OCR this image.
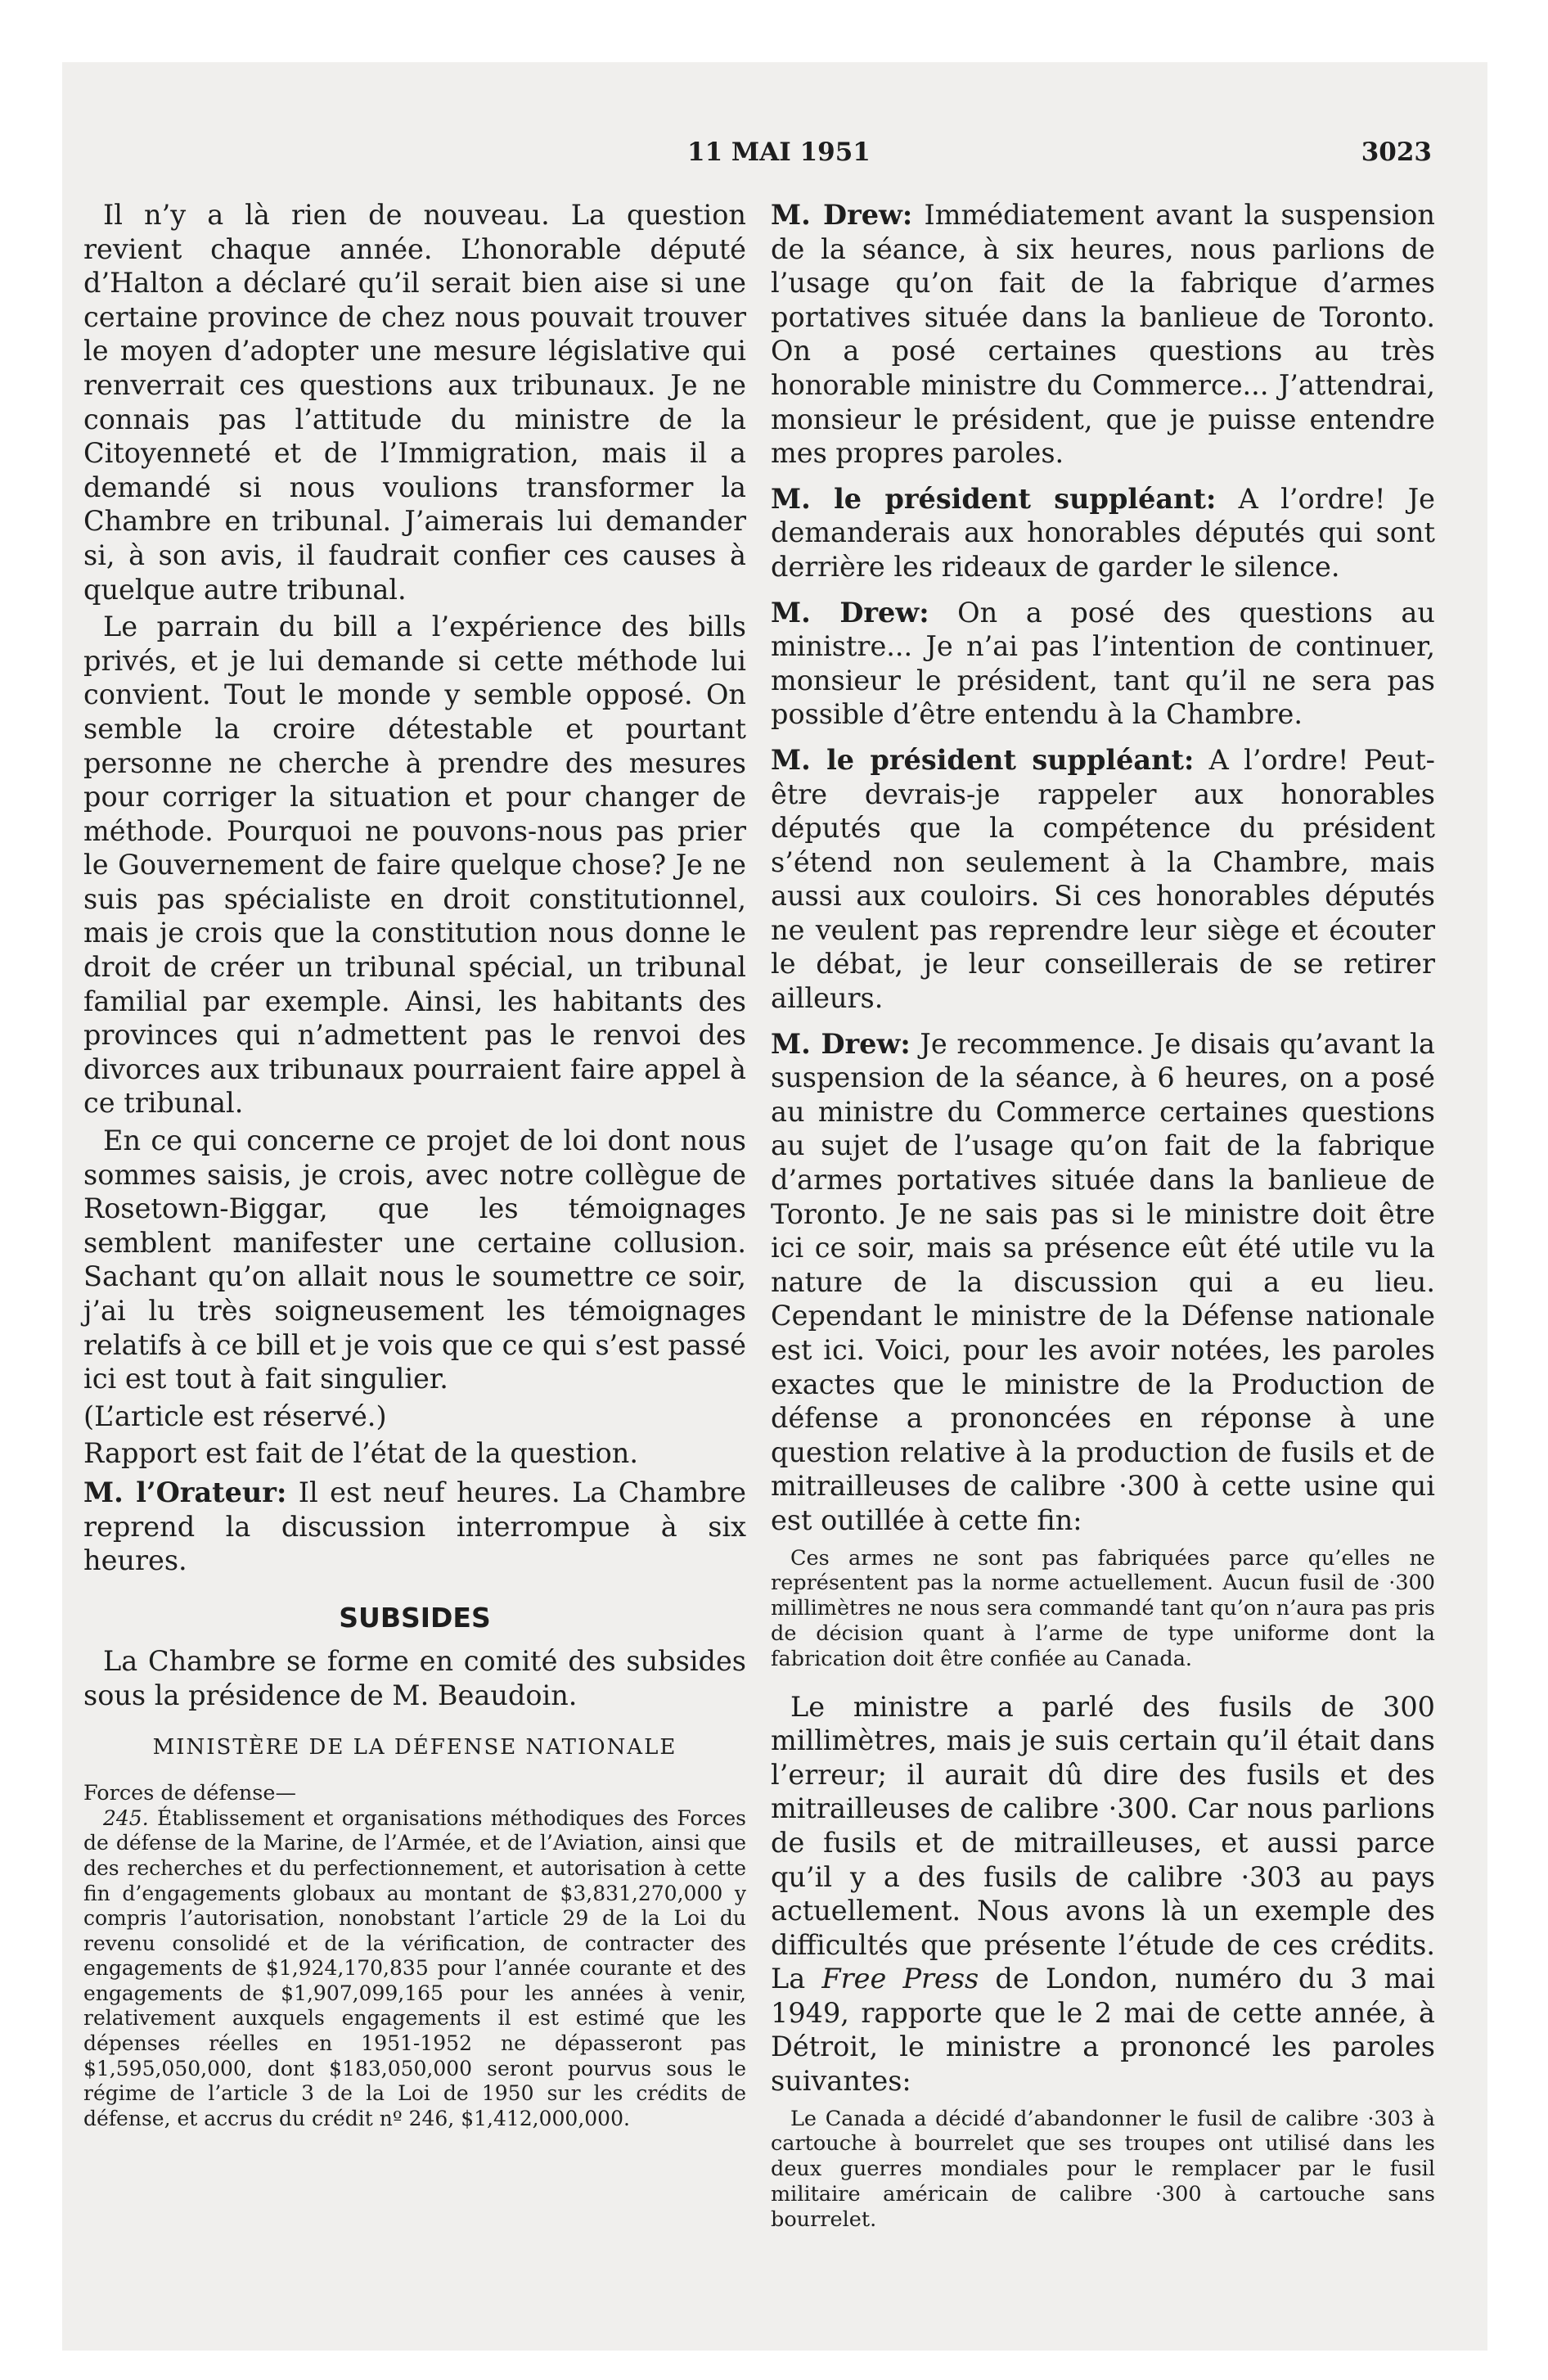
11 MAI 1951	3023

Il n’y a là rien de nouveau. La question revient chaque année. L’honorable député d’Halton a déclaré qu’il serait bien aise si une certaine province de chez nous pouvait trouver le moyen d’adopter une mesure législative qui renverrait ces questions aux tribunaux. Je ne connais pas l’attitude du ministre de la Citoyenneté et de l’Immigration, mais il a demandé si nous voulions transformer la Chambre en tribunal. J’aimerais lui demander si, à son avis, il faudrait confier ces causes à quelque autre tribunal.

Le parrain du bill a l’expérience des bills privés, et je lui demande si cette méthode lui convient. Tout le monde y semble opposé. On semble la croire détestable et pourtant personne ne cherche à prendre des mesures pour corriger la situation et pour changer de méthode. Pourquoi ne pouvons-nous pas prier le Gouvernement de faire quelque chose? Je ne suis pas spécialiste en droit constitutionnel, mais je crois que la constitution nous donne le droit de créer un tribunal spécial, un tribunal familial par exemple. Ainsi, les habitants des provinces qui n’admettent pas le renvoi des divorces aux tribunaux pourraient faire appel à ce tribunal.

En ce qui concerne ce projet de loi dont nous sommes saisis, je crois, avec notre collègue de Rosetown-Biggar, que les témoignages semblent manifester une certaine collusion. Sachant qu’on allait nous le soumettre ce soir, j’ai lu très soigneusement les témoignages relatifs à ce bill et je vois que ce qui s’est passé ici est tout à fait singulier.

(L’article est réservé.)

Rapport est fait de l’état de la question.

M. l’Orateur: Il est neuf heures. La Chambre reprend la discussion interrompue à six heures.

SUBSIDES

La Chambre se forme en comité des subsides sous la présidence de M. Beaudoin.

MINISTÈRE DE LA DÉFENSE NATIONALE

Forces de défense—

245. Établissement et organisations méthodiques des Forces de défense de la Marine, de l’Armée, et de l’Aviation, ainsi que des recherches et du perfectionnement, et autorisation à cette fin d’engagements globaux au montant de $3,831,270,000 y compris l’autorisation, nonobstant l’article 29 de la Loi du revenu consolidé et de la vérification, de contracter des engagements de $1,924,170,835 pour l’année courante et des engagements de $1,907,099,165 pour les années à venir, relativement auxquels engagements il est estimé que les dépenses réelles en 1951-1952 ne dépasseront pas $1,595,050,000, dont $183,050,000 seront pourvus sous le régime de l’article 3 de la Loi de 1950 sur les crédits de défense, et accrus du crédit nº 246, $1,412,000,000.

M. Drew: Immédiatement avant la suspension de la séance, à six heures, nous parlions de l’usage qu’on fait de la fabrique d’armes portatives située dans la banlieue de Toronto. On a posé certaines questions au très honorable ministre du Commerce... J’attendrai, monsieur le président, que je puisse entendre mes propres paroles.

M. le président suppléant: A l’ordre! Je demanderais aux honorables députés qui sont derrière les rideaux de garder le silence.

M. Drew: On a posé des questions au ministre... Je n’ai pas l’intention de continuer, monsieur le président, tant qu’il ne sera pas possible d’être entendu à la Chambre.

M. le président suppléant: A l’ordre! Peut-être devrais-je rappeler aux honorables députés que la compétence du président s’étend non seulement à la Chambre, mais aussi aux couloirs. Si ces honorables députés ne veulent pas reprendre leur siège et écouter le débat, je leur conseillerais de se retirer ailleurs.

M. Drew: Je recommence. Je disais qu’avant la suspension de la séance, à 6 heures, on a posé au ministre du Commerce certaines questions au sujet de l’usage qu’on fait de la fabrique d’armes portatives située dans la banlieue de Toronto. Je ne sais pas si le ministre doit être ici ce soir, mais sa présence eût été utile vu la nature de la discussion qui a eu lieu. Cependant le ministre de la Défense nationale est ici. Voici, pour les avoir notées, les paroles exactes que le ministre de la Production de défense a prononcées en réponse à une question relative à la production de fusils et de mitrailleuses de calibre ·300 à cette usine qui est outillée à cette fin:

Ces armes ne sont pas fabriquées parce qu’elles ne représentent pas la norme actuellement. Aucun fusil de ·300 millimètres ne nous sera commandé tant qu’on n’aura pas pris de décision quant à l’arme de type uniforme dont la fabrication doit être confiée au Canada.

Le ministre a parlé des fusils de 300 millimètres, mais je suis certain qu’il était dans l’erreur; il aurait dû dire des fusils et des mitrailleuses de calibre ·300. Car nous parlions de fusils et de mitrailleuses, et aussi parce qu’il y a des fusils de calibre ·303 au pays actuellement. Nous avons là un exemple des difficultés que présente l’étude de ces crédits. La Free Press de London, numéro du 3 mai 1949, rapporte que le 2 mai de cette année, à Détroit, le ministre a prononcé les paroles suivantes:

Le Canada a décidé d’abandonner le fusil de calibre ·303 à cartouche à bourrelet que ses troupes ont utilisé dans les deux guerres mondiales pour le remplacer par le fusil militaire américain de calibre ·300 à cartouche sans bourrelet.
